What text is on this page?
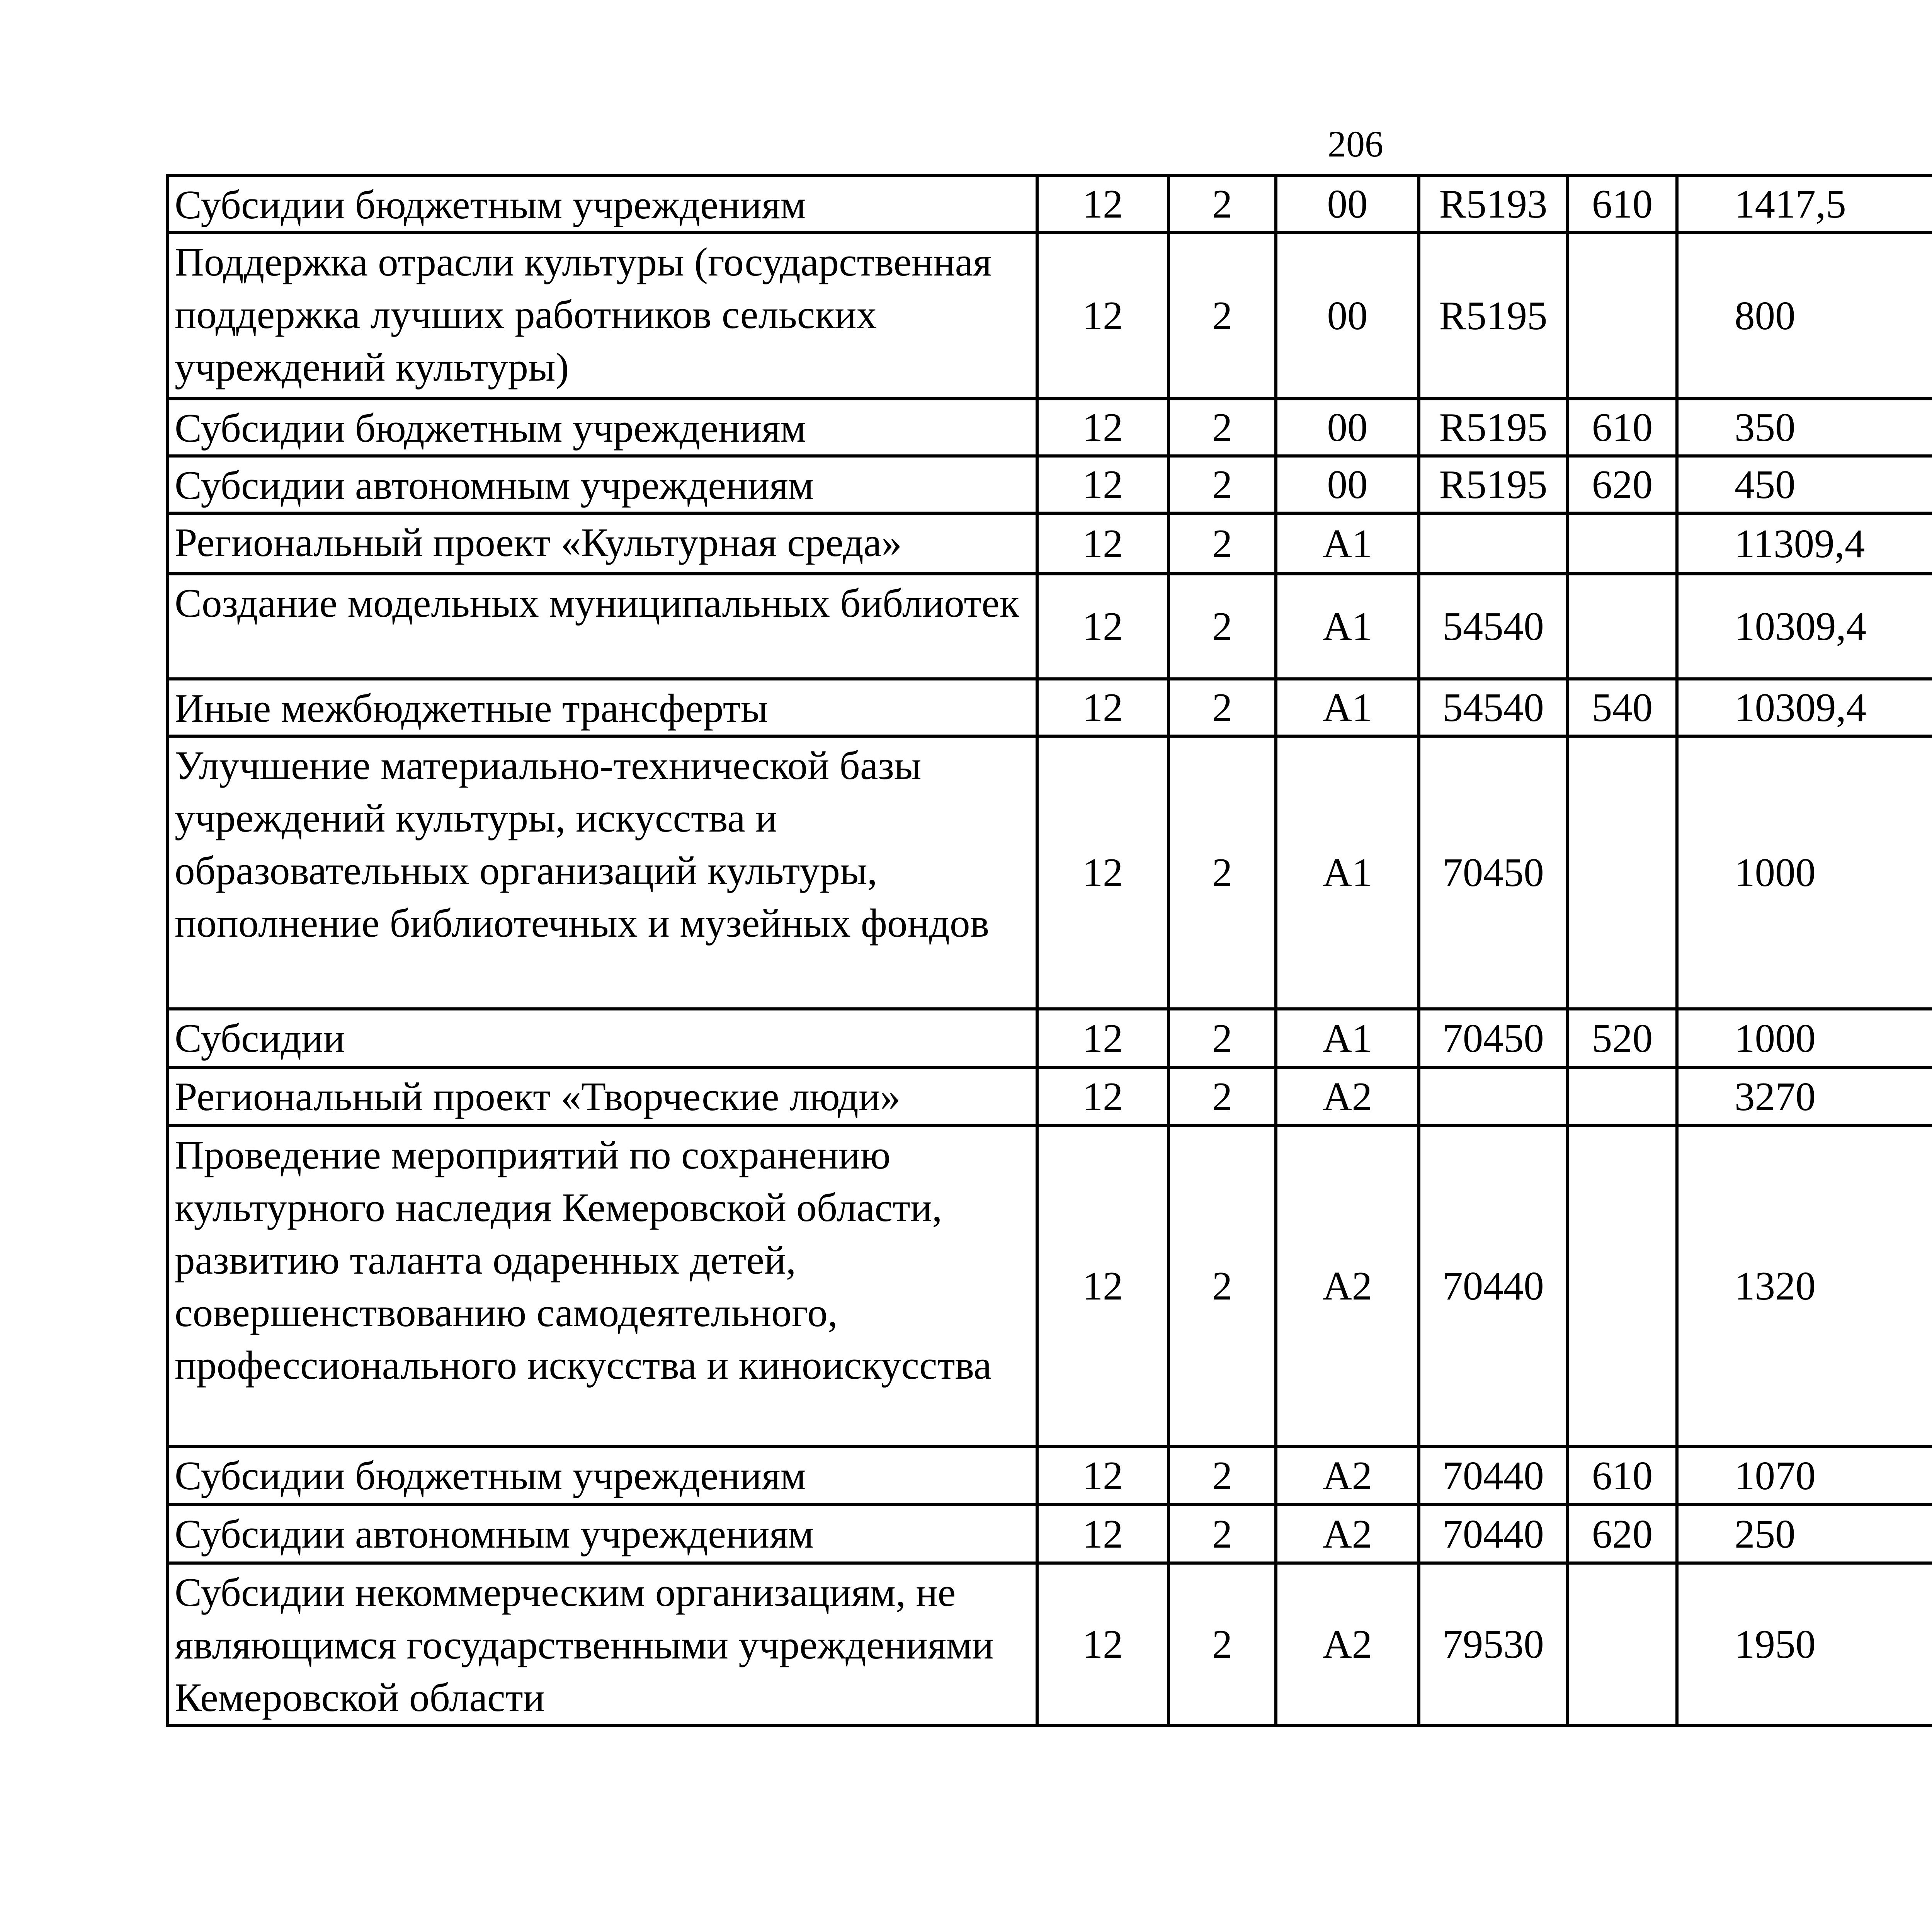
206
Субсидии бюджетным учреждениям	12	2	00	R5193	610	1417,5		
Поддержка отрасли культуры (государственная поддержка лучших работников сельских учреждений культуры)	12	2	00	R5195		800		
Субсидии бюджетным учреждениям	12	2	00	R5195	610	350		
Субсидии автономным учреждениям	12	2	00	R5195	620	450		
Региональный проект «Культурная среда»	12	2	А1			11309,4		
Создание модельных муниципальных библиотек	12	2	А1	54540		10309,4		
Иные межбюджетные трансферты	12	2	А1	54540	540	10309,4		
Улучшение материально-технической базы учреждений культуры, искусства и образовательных организаций культуры, пополнение библиотечных и музейных фондов	12	2	А1	70450		1000		
Субсидии	12	2	А1	70450	520	1000		
Региональный проект «Творческие люди»	12	2	А2			3270		
Проведение мероприятий по сохранению культурного наследия Кемеровской области, развитию таланта одаренных детей, совершенствованию самодеятельного, профессионального искусства и киноискусства	12	2	А2	70440		1320		
Субсидии бюджетным учреждениям	12	2	А2	70440	610	1070		
Субсидии автономным учреждениям	12	2	А2	70440	620	250		
Субсидии некоммерческим организациям, не являющимся государственными учреждениями Кемеровской области	12	2	А2	79530		1950		
